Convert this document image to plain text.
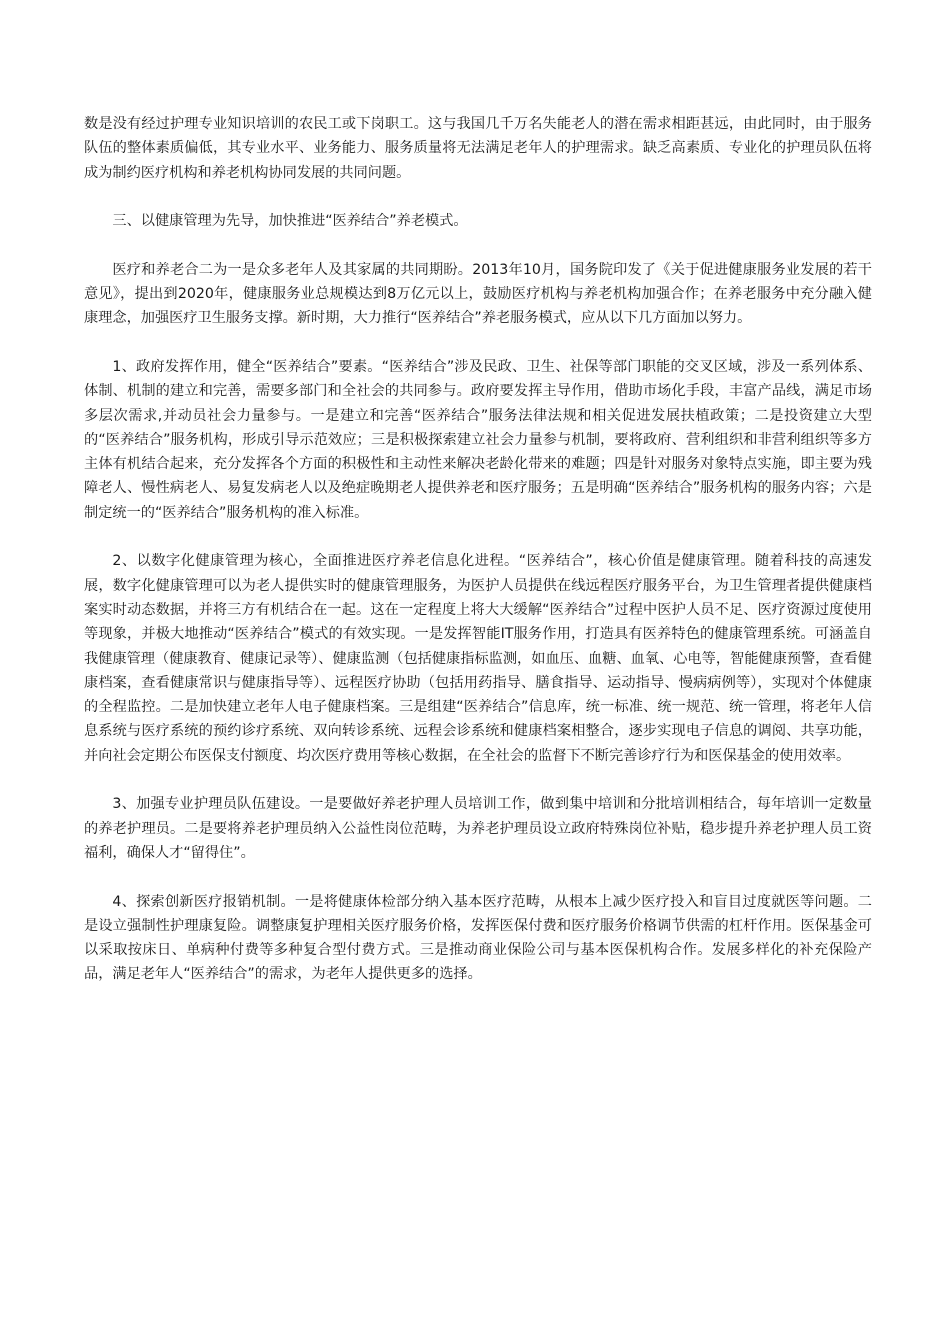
数是没有经过护理专业知识培训的农民工或下岗职工。这与我国几千万名失能老人的潜在需求相距甚远，由此同时，由于服务队伍的整体素质偏低，其专业水平、业务能力、服务质量将无法满足老年人的护理需求。缺乏高素质、专业化的护理员队伍将成为制约医疗机构和养老机构协同发展的共同问题。

三、以健康管理为先导，加快推进“医养结合”养老模式。

医疗和养老合二为一是众多老年人及其家属的共同期盼。2013年10月，国务院印发了《关于促进健康服务业发展的若干意见》，提出到2020年，健康服务业总规模达到8万亿元以上，鼓励医疗机构与养老机构加强合作；在养老服务中充分融入健康理念，加强医疗卫生服务支撑。新时期，大力推行“医养结合”养老服务模式，应从以下几方面加以努力。

1、政府发挥作用，健全“医养结合”要素。“医养结合”涉及民政、卫生、社保等部门职能的交叉区域，涉及一系列体系、体制、机制的建立和完善，需要多部门和全社会的共同参与。政府要发挥主导作用，借助市场化手段，丰富产品线，满足市场多层次需求,并动员社会力量参与。一是建立和完善“医养结合”服务法律法规和相关促进发展扶植政策；二是投资建立大型的“医养结合”服务机构，形成引导示范效应；三是积极探索建立社会力量参与机制，要将政府、营利组织和非营利组织等多方主体有机结合起来，充分发挥各个方面的积极性和主动性来解决老龄化带来的难题；四是针对服务对象特点实施，即主要为残障老人、慢性病老人、易复发病老人以及绝症晚期老人提供养老和医疗服务；五是明确“医养结合”服务机构的服务内容；六是制定统一的“医养结合”服务机构的准入标准。

2、以数字化健康管理为核心，全面推进医疗养老信息化进程。“医养结合”，核心价值是健康管理。随着科技的高速发展，数字化健康管理可以为老人提供实时的健康管理服务，为医护人员提供在线远程医疗服务平台，为卫生管理者提供健康档案实时动态数据，并将三方有机结合在一起。这在一定程度上将大大缓解“医养结合”过程中医护人员不足、医疗资源过度使用等现象，并极大地推动“医养结合”模式的有效实现。一是发挥智能IT服务作用，打造具有医养特色的健康管理系统。可涵盖自我健康管理（健康教育、健康记录等）、健康监测（包括健康指标监测，如血压、血糖、血氧、心电等，智能健康预警，查看健康档案，查看健康常识与健康指导等）、远程医疗协助（包括用药指导、膳食指导、运动指导、慢病病例等），实现对个体健康的全程监控。二是加快建立老年人电子健康档案。三是组建“医养结合”信息库，统一标准、统一规范、统一管理，将老年人信息系统与医疗系统的预约诊疗系统、双向转诊系统、远程会诊系统和健康档案相整合，逐步实现电子信息的调阅、共享功能，并向社会定期公布医保支付额度、均次医疗费用等核心数据，在全社会的监督下不断完善诊疗行为和医保基金的使用效率。

3、加强专业护理员队伍建设。一是要做好养老护理人员培训工作，做到集中培训和分批培训相结合，每年培训一定数量的养老护理员。二是要将养老护理员纳入公益性岗位范畴，为养老护理员设立政府特殊岗位补贴，稳步提升养老护理人员工资福利，确保人才“留得住”。

4、探索创新医疗报销机制。一是将健康体检部分纳入基本医疗范畴，从根本上减少医疗投入和盲目过度就医等问题。二是设立强制性护理康复险。调整康复护理相关医疗服务价格，发挥医保付费和医疗服务价格调节供需的杠杆作用。医保基金可以采取按床日、单病种付费等多种复合型付费方式。三是推动商业保险公司与基本医保机构合作。发展多样化的补充保险产品，满足老年人“医养结合”的需求，为老年人提供更多的选择。
